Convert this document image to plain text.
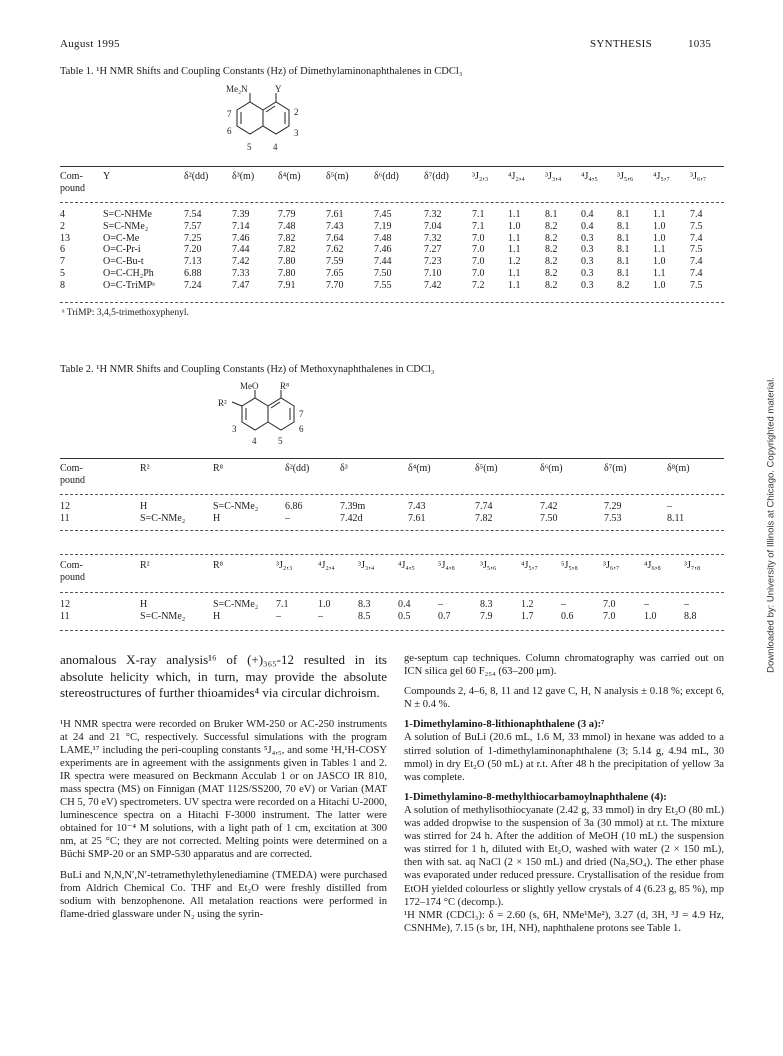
August 1995	SYNTHESIS	1035
Table 1. ¹H NMR Shifts and Coupling Constants (Hz) of Dimethylaminonaphthalenes in CDCl₃
Me₂N	Y
7	2
6	3
5 4
Com-
pound
Y	δ²(dd) δ³(m) δ⁴(m)	δ⁵(m)	δ⁶(dd)	δ⁷(dd) ³J₂,₃ ⁴J₂,₄ ³J₃,₄ ⁴J₄,₅ ³J₅,₆ ⁴J₅,₇ ³J₆,₇
4	S=C-NHMe	7.54	7.39	7.79	7.61	7.45	7.32	7.1 1.1 8.1 0.4 8.1 1.1 7.4
2	S=C-NMe₂	7.57	7.14	7.48	7.43	7.19	7.04	7.1 1.0 8.2 0.4 8.1 1.0 7.5
13	O=C-Me	7.25	7.46	7.82	7.64	7.48	7.32	7.0 1.1 8.2 0.3 8.1 1.0 7.4
6	O=C-Pr-i	7.20	7.44	7.82	7.62	7.46	7.27	7.0 1.1 8.2 0.3 8.1 1.1 7.5
7	O=C-Bu-t	7.13	7.42	7.80	7.59	7.44	7.23	7.0 1.2 8.2 0.3 8.1 1.0 7.4
5	O=C-CH₂Ph	6.88	7.33	7.80	7.65	7.50	7.10	7.0 1.1 8.2 0.3 8.1 1.1 7.4
8	O=C-TriMPᵃ	7.24	7.47	7.91	7.70	7.55	7.42	7.2 1.1 8.2 0.3 8.2 1.0 7.5
ᵃ TriMP: 3,4,5-trimethoxyphenyl.
Table 2. ¹H NMR Shifts and Coupling Constants (Hz) of Methoxynaphthalenes in CDCl₃
MeO R⁸
R²
7
3	6
4 5
Com-
pound
R²	R⁸	δ²(dd)	δ³	δ⁴(m)	δ⁵(m)	δ⁶(m)	δ⁷(m)	δ⁸(m)
12	H	S=C-NMe₂	6.86	7.39m	7.43	7.74	7.42	7.29	–
11	S=C-NMe₂	H	–	7.42d	7.61	7.82	7.50	7.53	8.11
Com-
pound
R²	R⁸	³J₂,₃	⁴J₂,₄ ³J₃,₄ ⁴J₄,₅ ⁵J₄,₈	³J₅,₆ ⁴J₅,₇ ⁵J₅,₈	³J₆,₇ ⁴J₆,₈ ³J₇,₈
12	H	S=C-NMe₂ 7.1	1.0	8.3	0.4	–	8.3	1.2	–	7.0	–	–
11	S=C-NMe₂	H	–	–	8.5	0.5	0.7	7.9	1.7	0.6	7.0	1.0	8.8

anomalous X-ray analysis¹⁶ of (+)₃₆₅-12 resulted in its absolute helicity which, in turn, may provide the absolute stereostructures of further thioamides⁴ via circular dichroism.

¹H NMR spectra were recorded on Bruker WM-250 or AC-250 instruments at 24 and 21 °C, respectively. Successful simulations with the program LAME,¹⁷ including the peri-coupling constants ⁵J₄,₅, and some ¹H,¹H-COSY experiments are in agreement with the assignments given in Tables 1 and 2. IR spectra were measured on Beckmann Acculab 1 or on JASCO IR 810, mass spectra (MS) on Finnigan (MAT 112S/SS200, 70 eV) or Varian (MAT CH 5, 70 eV) spectrometers. UV spectra were recorded on a Hitachi U-2000, luminescence spectra on a Hitachi F-3000 instrument. The latter were obtained for 10⁻⁴ M solutions, with a light path of 1 cm, excitation at 300 nm, at 25 °C; they are not corrected. Melting points were determined on a Büchi SMP-20 or an SMP-530 apparatus and are corrected.

BuLi and N,N,N′,N′-tetramethylethylenediamine (TMEDA) were purchased from Aldrich Chemical Co. THF and Et₂O were freshly distilled from sodium with benzophenone. All metalation reactions were performed in flame-dried glassware under N₂ using the syrin-

ge-septum cap techniques. Column chromatography was carried out on ICN silica gel 60 F₂₅₄ (63–200 μm).

Compounds 2, 4–6, 8, 11 and 12 gave C, H, N analysis ± 0.18 %; except 6, N ± 0.4 %.

1-Dimethylamino-8-lithionaphthalene (3 a):⁷

A solution of BuLi (20.6 mL, 1.6 M, 33 mmol) in hexane was added to a stirred solution of 1-dimethylaminonaphthalene (3; 5.14 g, 4.94 mL, 30 mmol) in dry Et₂O (50 mL) at r.t. After 48 h the precipitation of yellow 3a was complete.

1-Dimethylamino-8-methylthiocarbamoylnaphthalene (4):

A solution of methylisothiocyanate (2.42 g, 33 mmol) in dry Et₂O (80 mL) was added dropwise to the suspension of 3a (30 mmol) at r.t. The mixture was stirred for 24 h. After the addition of MeOH (10 mL) the suspension was stirred for 1 h, diluted with Et₂O, washed with water (2 × 150 mL), then with sat. aq NaCl (2 × 150 mL) and dried (Na₂SO₄). The ether phase was evaporated under reduced pressure. Crystallisation of the residue from EtOH yielded colourless or slightly yellow crystals of 4 (6.23 g, 85 %), mp 172–174 °C (decomp.).

¹H NMR (CDCl₃): δ = 2.60 (s, 6H, NMe¹Me²), 3.27 (d, 3H, ³J = 4.9 Hz, CSNHMe), 7.15 (s br, 1H, NH), naphthalene protons see Table 1.

Downloaded by: University of Illinois at Chicago. Copyrighted material.
